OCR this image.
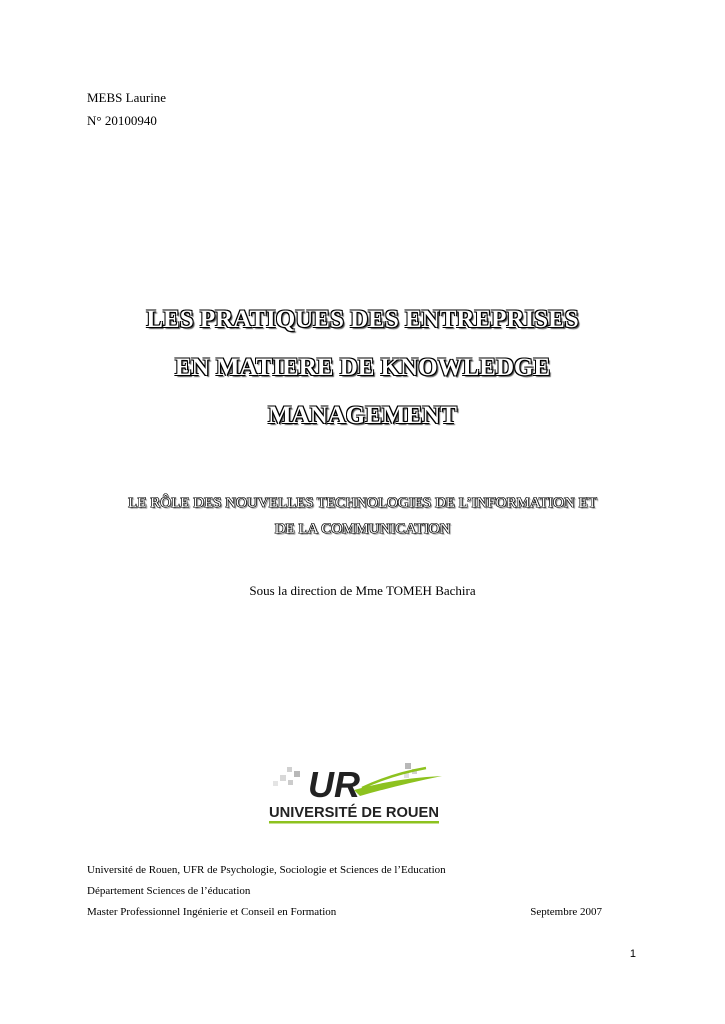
MEBS Laurine
N° 20100940
LES PRATIQUES DES ENTREPRISES
EN MATIERE DE KNOWLEDGE
MANAGEMENT
LE RÔLE DES NOUVELLES TECHNOLOGIES DE L’INFORMATION ET
DE LA COMMUNICATION
Sous la direction de Mme TOMEH Bachira
UR
UNIVERSITÉ DE ROUEN
Université de Rouen, UFR de Psychologie, Sociologie et Sciences de l’Education
Département Sciences de l’éducation
Master Professionnel Ingénierie et Conseil en Formation	Septembre 2007
1
